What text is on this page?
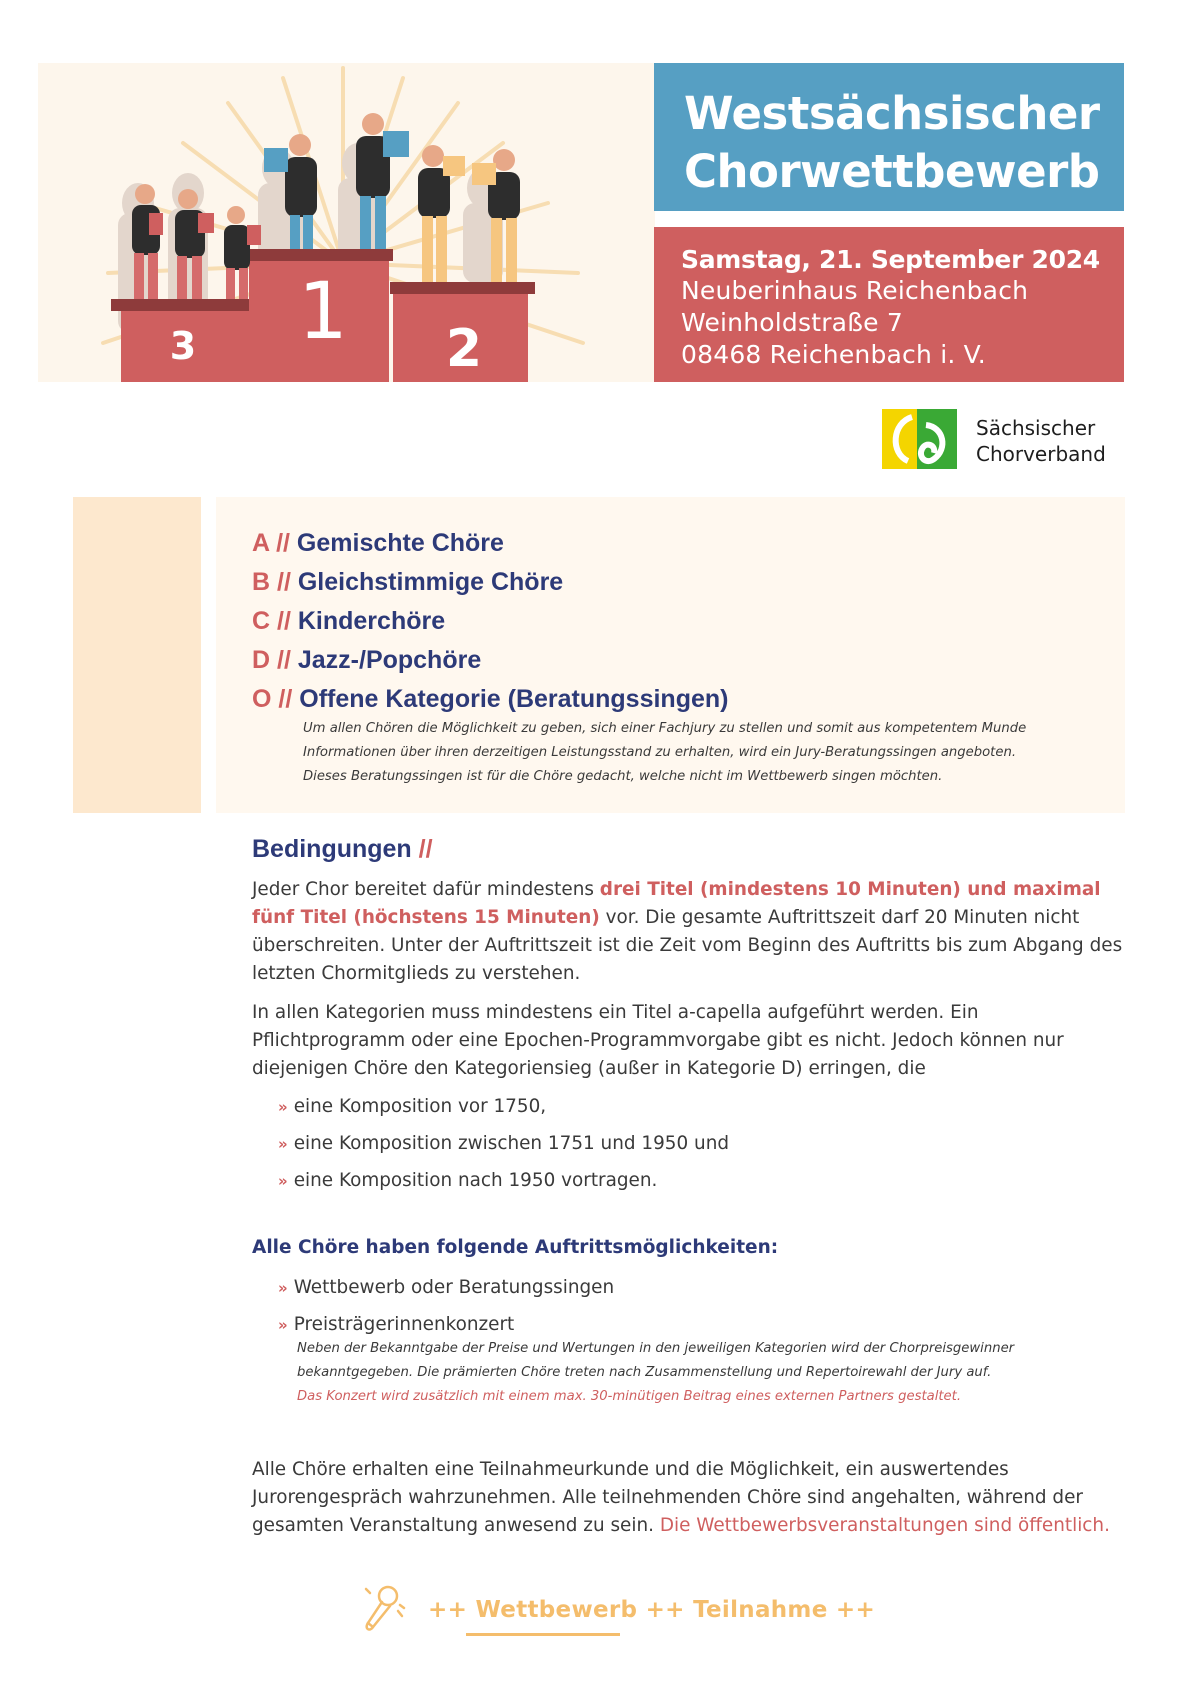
3 1 2
Westsächsischer
Chorwettbewerb
Samstag, 21. September 2024
Neuberinhaus Reichenbach
Weinholdstraße 7
08468 Reichenbach i. V.
Sächsischer
Chorverband
A // Gemischte Chöre
B // Gleichstimmige Chöre
C // Kinderchöre
D // Jazz-/Popchöre
O // Offene Kategorie (Beratungssingen)
Um allen Chören die Möglichkeit zu geben, sich einer Fachjury zu stellen und somit aus kompetentem Munde
Informationen über ihren derzeitigen Leistungsstand zu erhalten, wird ein Jury-Beratungssingen angeboten.
Dieses Beratungssingen ist für die Chöre gedacht, welche nicht im Wettbewerb singen möchten.
Bedingungen //
Jeder Chor bereitet dafür mindestens drei Titel (mindestens 10 Minuten) und maximal fünf Titel (höchstens 15 Minuten) vor. Die gesamte Auftrittszeit darf 20 Minuten nicht überschreiten. Unter der Auftrittszeit ist die Zeit vom Beginn des Auftritts bis zum Abgang des letzten Chormitglieds zu verstehen.
In allen Kategorien muss mindestens ein Titel a-capella aufgeführt werden. Ein Pflichtprogramm oder eine Epochen-Programmvorgabe gibt es nicht. Jedoch können nur diejenigen Chöre den Kategoriensieg (außer in Kategorie D) erringen, die
» eine Komposition vor 1750,
» eine Komposition zwischen 1751 und 1950 und
» eine Komposition nach 1950 vortragen.
Alle Chöre haben folgende Auftrittsmöglichkeiten:
» Wettbewerb oder Beratungssingen
» Preisträgerinnenkonzert
Neben der Bekanntgabe der Preise und Wertungen in den jeweiligen Kategorien wird der Chorpreisgewinner
bekanntgegeben. Die prämierten Chöre treten nach Zusammenstellung und Repertoirewahl der Jury auf.
Das Konzert wird zusätzlich mit einem max. 30-minütigen Beitrag eines externen Partners gestaltet.
Alle Chöre erhalten eine Teilnahmeurkunde und die Möglichkeit, ein auswertendes Jurorengespräch wahrzunehmen. Alle teilnehmenden Chöre sind angehalten, während der gesamten Veranstaltung anwesend zu sein. Die Wettbewerbsveranstaltungen sind öffentlich.
++ Wettbewerb ++ Teilnahme ++
